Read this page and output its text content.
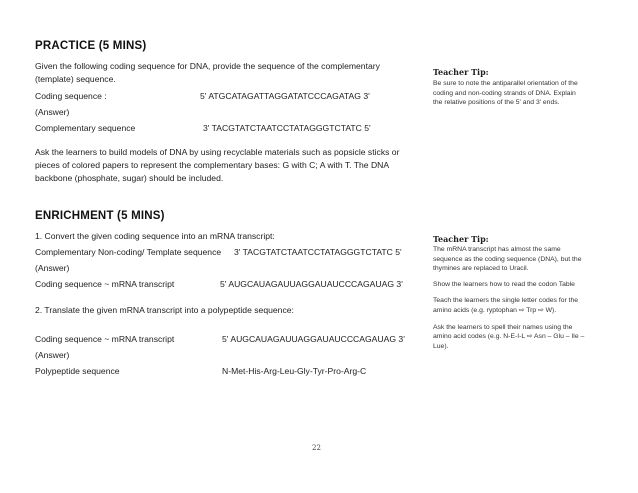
PRACTICE (5 MINS)
Given the following coding sequence for DNA, provide the sequence of the complementary
(template) sequence.
Coding sequence :	5' ATGCATAGATTAGGATATCCCAGATAG 3'
(Answer)
Complementary sequence	3' TACGTATCTAATCCTATAGGGTCTATC 5'
Ask the learners to build models of DNA by using recyclable materials such as popsicle sticks or
pieces of colored papers to represent the complementary bases: G with C; A with T. The DNA
backbone (phosphate, sugar) should be included.
Teacher Tip:
Be sure to note the antiparallel orientation of the
coding and non-coding strands of DNA. Explain
the relative positions of the 5' and 3' ends.
ENRICHMENT (5 MINS)
1. Convert the given coding sequence into an mRNA transcript:
Complementary Non-coding/ Template sequence 3' TACGTATCTAATCCTATAGGGTCTATC 5'
(Answer)
Coding sequence ~ mRNA transcript	5' AUGCAUAGAUUAGGAUAUCCCAGAUAG 3'
2. Translate the given mRNA transcript into a polypeptide sequence:
Coding sequence ~ mRNA transcript	5' AUGCAUAGAUUAGGAUAUCCCAGAUAG 3'
(Answer)
Polypeptide sequence	N-Met-His-Arg-Leu-Gly-Tyr-Pro-Arg-C
Teacher Tip:
The mRNA transcript has almost the same
sequence as the coding sequence (DNA), but the
thymines are replaced to Uracil.
Show the learners how to read the codon Table
Teach the learners the single letter codes for the
amino acids (e.g. ryptophan ⇨ Trp ⇨ W).
Ask the learners to spell their names using the
amino acid codes (e.g. N-E-I-L ⇨ Asn – Glu – Ile –
Lue).
22
